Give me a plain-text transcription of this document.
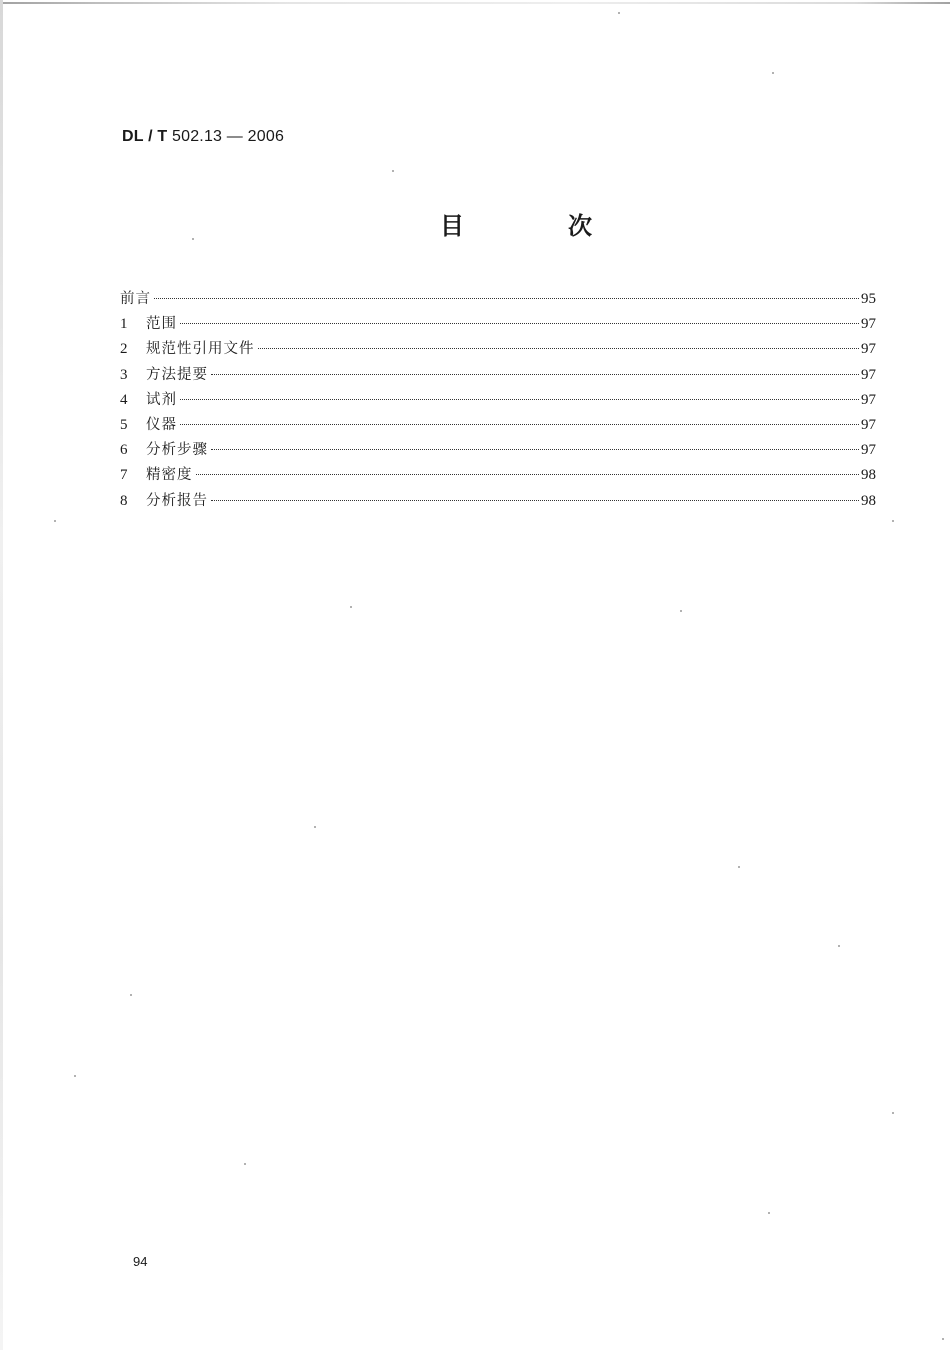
DL / T 502.13 — 2006
目　次
前言	95
1	范围	97
2	规范性引用文件	97
3	方法提要	97
4	试剂	97
5	仪器	97
6	分析步骤	97
7	精密度	98
8	分析报告	98
94
